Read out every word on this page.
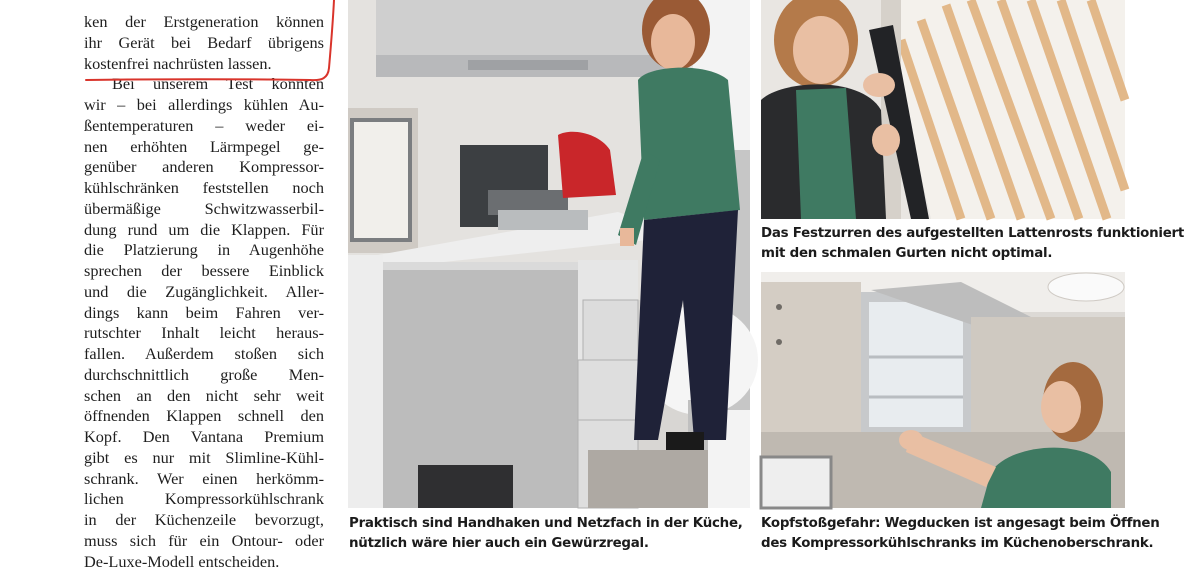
ken der Erstgeneration können
ihr Gerät bei Bedarf übrigens
kostenfrei nachrüsten lassen.
Bei unserem Test konnten
wir – bei allerdings kühlen Au-
ßentemperaturen – weder ei-
nen erhöhten Lärmpegel ge-
genüber anderen Kompressor-
kühlschränken feststellen noch
übermäßige Schwitzwasserbil-
dung rund um die Klappen. Für
die Platzierung in Augenhöhe
sprechen der bessere Einblick
und die Zugänglichkeit. Aller-
dings kann beim Fahren ver-
rutschter Inhalt leicht heraus-
fallen. Außerdem stoßen sich
durchschnittlich große Men-
schen an den nicht sehr weit
öffnenden Klappen schnell den
Kopf. Den Vantana Premium
gibt es nur mit Slimline-Kühl-
schrank. Wer einen herkömm-
lichen Kompressorkühlschrank
in der Küchenzeile bevorzugt,
muss sich für ein Ontour- oder
De-Luxe-Modell entscheiden.
Praktisch sind Handhaken und Netzfach in der Küche,
nützlich wäre hier auch ein Gewürzregal.
Das Festzurren des aufgestellten Lattenrosts funktioniert
mit den schmalen Gurten nicht optimal.
Kopfstoßgefahr: Wegducken ist angesagt beim Öffnen
des Kompressorkühlschranks im Küchenoberschrank.
